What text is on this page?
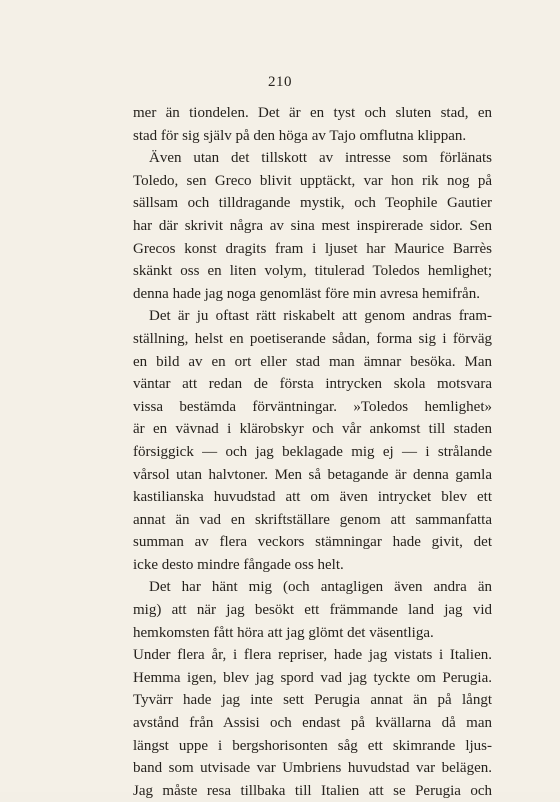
210
mer än tiondelen. Det är en tyst och sluten stad, en
stad för sig själv på den höga av Tajo omflutna klippan.
Även utan det tillskott av intresse som förlänats
Toledo, sen Greco blivit upptäckt, var hon rik nog på
sällsam och tilldragande mystik, och Teophile Gautier
har där skrivit några av sina mest inspirerade sidor. Sen
Grecos konst dragits fram i ljuset har Maurice Barrès
skänkt oss en liten volym, titulerad Toledos hemlighet;
denna hade jag noga genomläst före min avresa hemifrån.
Det är ju oftast rätt riskabelt att genom andras fram-
ställning, helst en poetiserande sådan, forma sig i förväg
en bild av en ort eller stad man ämnar besöka. Man
väntar att redan de första intrycken skola motsvara
vissa bestämda förväntningar. »Toledos hemlighet»
är en vävnad i klärobskyr och vår ankomst till staden
försiggick — och jag beklagade mig ej — i strålande
vårsol utan halvtoner. Men så betagande är denna gamla
kastilianska huvudstad att om även intrycket blev ett
annat än vad en skriftställare genom att sammanfatta
summan av flera veckors stämningar hade givit, det
icke desto mindre fångade oss helt.
Det har hänt mig (och antagligen även andra än
mig) att när jag besökt ett främmande land jag vid
hemkomsten fått höra att jag glömt det väsentliga.
Under flera år, i flera repriser, hade jag vistats i Italien.
Hemma igen, blev jag spord vad jag tyckte om Perugia.
Tyvärr hade jag inte sett Perugia annat än på långt
avstånd från Assisi och endast på kvällarna då man
längst uppe i bergshorisonten såg ett skimrande ljus-
band som utvisade var Umbriens huvudstad var belägen.
Jag måste resa tillbaka till Italien att se Perugia och
